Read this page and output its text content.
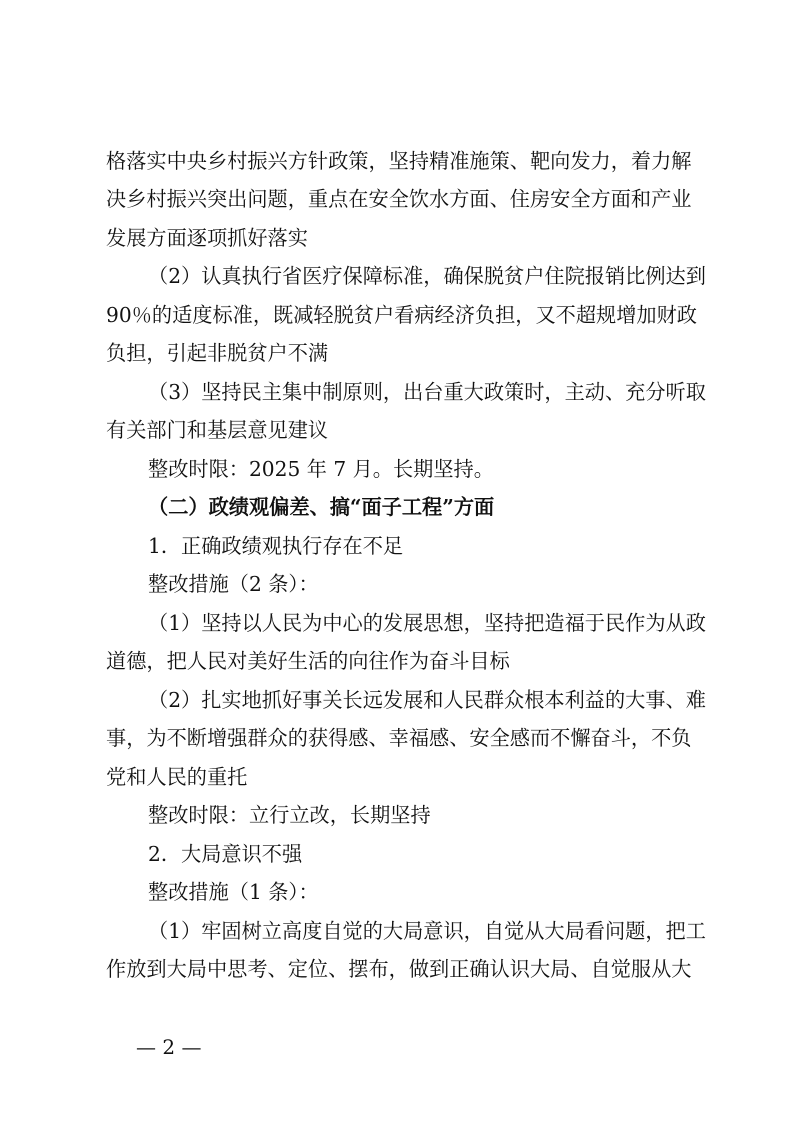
格落实中央乡村振兴方针政策，坚持精准施策、靶向发力，着力解
决乡村振兴突出问题，重点在安全饮水方面、住房安全方面和产业
发展方面逐项抓好落实
（2）认真执行省医疗保障标准，确保脱贫户住院报销比例达到
90％的适度标准，既减轻脱贫户看病经济负担，又不超规增加财政
负担，引起非脱贫户不满
（3）坚持民主集中制原则，出台重大政策时，主动、充分听取
有关部门和基层意见建议
整改时限：2025 年 7 月。长期坚持。
（二）政绩观偏差、搞“面子工程”方面
1．正确政绩观执行存在不足
整改措施（2 条）：
（1）坚持以人民为中心的发展思想，坚持把造福于民作为从政
道德，把人民对美好生活的向往作为奋斗目标
（2）扎实地抓好事关长远发展和人民群众根本利益的大事、难
事，为不断增强群众的获得感、幸福感、安全感而不懈奋斗，不负
党和人民的重托
整改时限：立行立改，长期坚持
2．大局意识不强
整改措施（1 条）：
（1）牢固树立高度自觉的大局意识，自觉从大局看问题，把工
作放到大局中思考、定位、摆布，做到正确认识大局、自觉服从大
— 2 —
